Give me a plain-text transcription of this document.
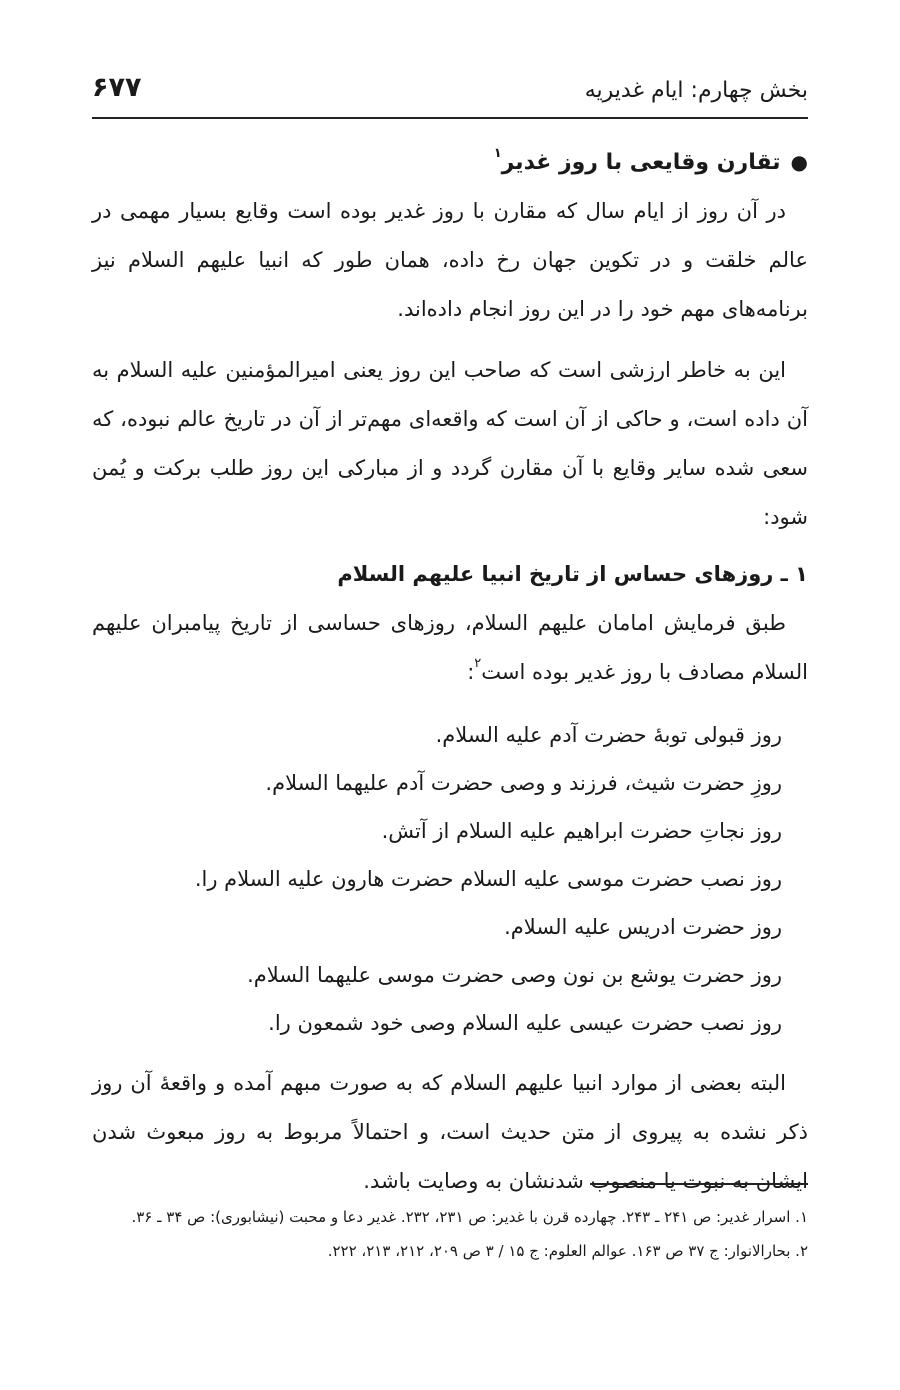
بخش چهارم: ایام غدیریه
۶۷۷
●تقارن وقایعی با روز غدیر$^۱$

در آن روز از ایام سال که مقارن با روز غدیر بوده است وقایع بسیار مهمی در عالم خلقت و در تکوین جهان رخ داده، همان طور که انبیا علیهم السلام نیز برنامه‌های مهم خود را در این روز انجام داده‌اند.

این به خاطر ارزشی است که صاحب این روز یعنی امیرالمؤمنین علیه السلام به آن داده است، و حاکی از آن است که واقعه‌ای مهم‌تر از آن در تاریخ عالم نبوده، که سعی شده سایر وقایع با آن مقارن گردد و از مبارکی این روز طلب برکت و یُمن شود:

۱ ـ روزهای حساس از تاریخ انبیا علیهم السلام

طبق فرمایش امامان علیهم السلام، روزهای حساسی از تاریخ پیامبران علیهم السلام مصادف با روز غدیر بوده است$^۲$:

روز قبولی توبهٔ حضرت آدم علیه السلام.
روزِ حضرت شیث، فرزند و وصی حضرت آدم علیهما السلام.
روز نجاتِ حضرت ابراهیم علیه السلام از آتش.
روز نصب حضرت موسی علیه السلام حضرت هارون علیه السلام را.
روز حضرت ادریس علیه السلام.
روز حضرت یوشع بن نون وصی حضرت موسی علیهما السلام.
روز نصب حضرت عیسی علیه السلام وصی خود شمعون را.

البته بعضی از موارد انبیا علیهم السلام که به صورت مبهم آمده و واقعهٔ آن روز ذکر نشده به پیروی از متن حدیث است، و احتمالاً مربوط به روز مبعوث شدن ایشان به نبوت یا منصوب شدنشان به وصایت باشد.

۱. اسرار غدیر: ص ۲۴۱ ـ ۲۴۳. چهارده قرن با غدیر: ص ۲۳۱، ۲۳۲. غدیر دعا و محبت (نیشابوری): ص ۳۴ ـ ۳۶.
۲. بحارالانوار: ج ۳۷ ص ۱۶۳. عوالم العلوم: ج ۱۵ / ۳ ص ۲۰۹، ۲۱۲، ۲۱۳، ۲۲۲.
